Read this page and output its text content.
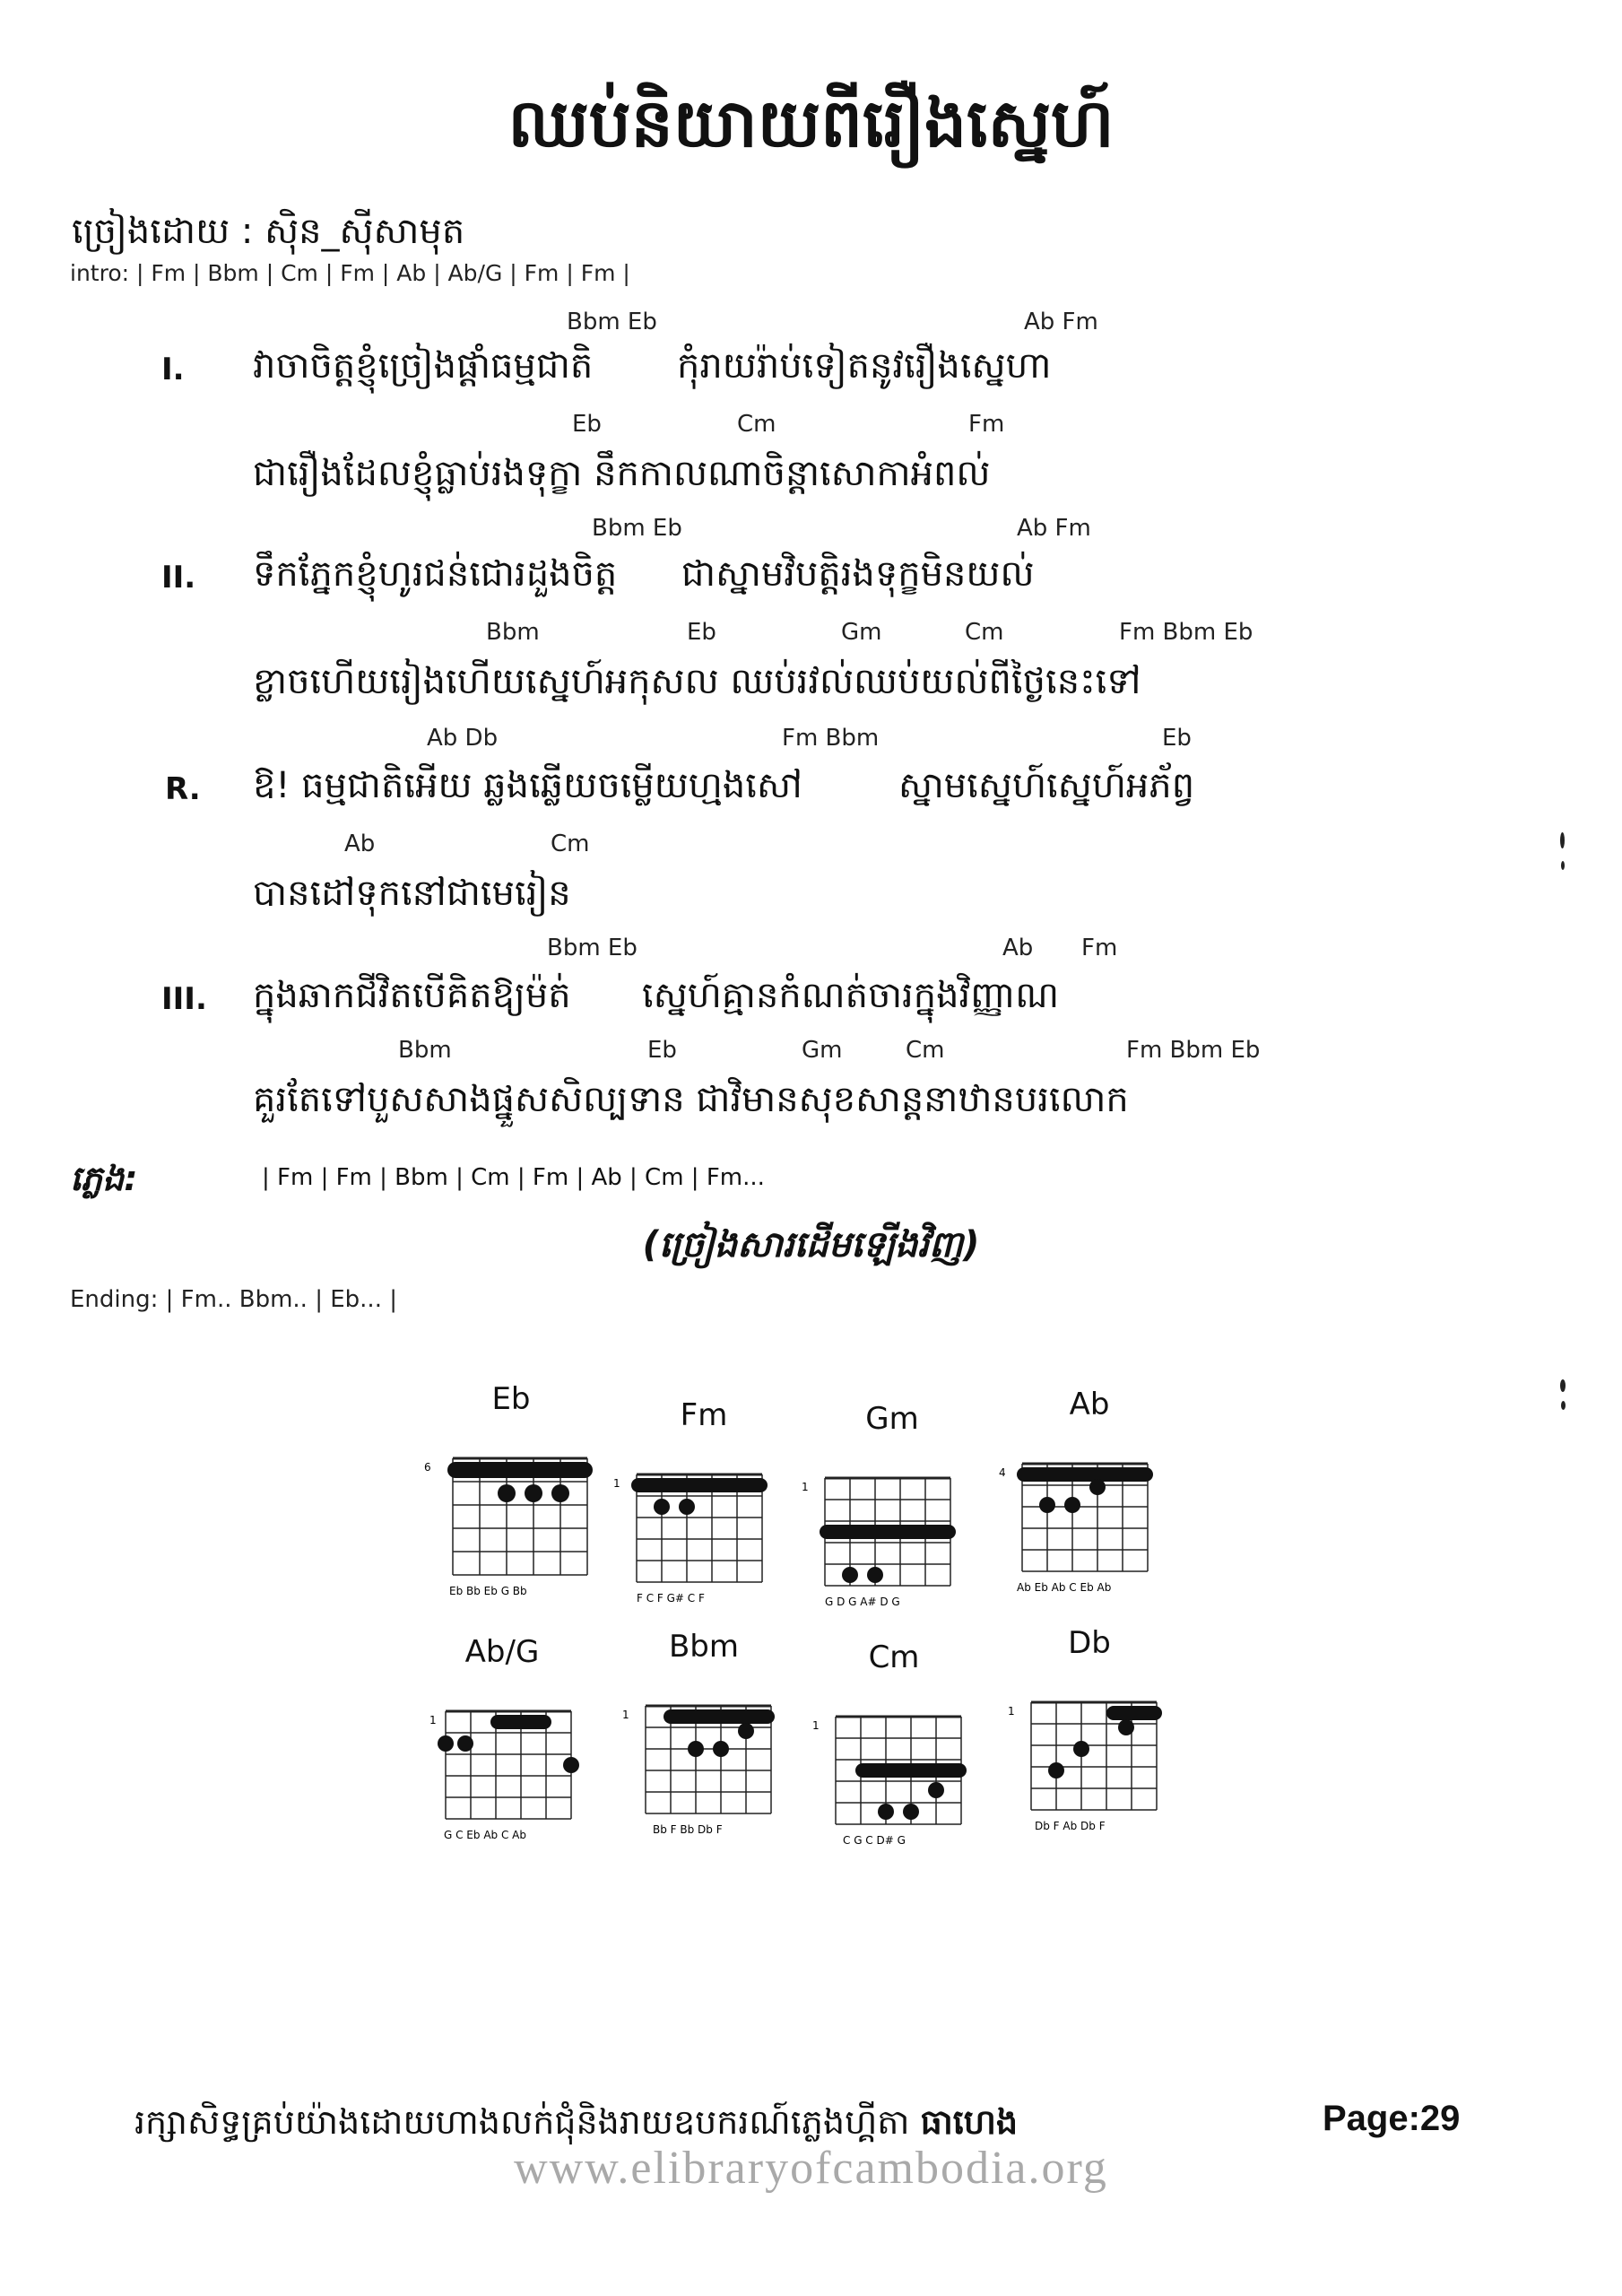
ឈប់និយាយពីរឿងស្នេហ៍
ច្រៀងដោយ : ស៊ិន_ស៊ីសាមុត
intro: | Fm | Bbm | Cm | Fm | Ab | Ab/G | Fm | Fm |
Bbm Eb	Ab Fm
I. វាចាចិត្តខ្ញុំច្រៀងផ្តាំធម្មជាតិ កុំរាយរ៉ាប់ទៀតនូវរឿងស្នេហា
Eb	Cm	Fm
ជារឿងដែលខ្ញុំធ្លាប់រងទុក្ខា នឹកកាលណាចិន្តាសោកាអំពល់
Bbm Eb	Ab Fm
II. ទឹកភ្នែកខ្ញុំហូរជន់ជោរដួងចិត្ត ជាស្នាមវិបត្តិរងទុក្ខមិនយល់
Bbm	Eb	Gm	Cm	Fm Bbm Eb
ខ្លាចហើយរៀងហើយស្នេហ៍អកុសល ឈប់រវល់ឈប់យល់ពីថ្ងៃនេះទៅ
Ab Db	Fm Bbm	Eb
R. ឱ! ធម្មជាតិអើយ ឆ្លងឆ្លើយចម្លើយហ្មងសៅ	ស្នាមស្នេហ៍ស្នេហ៍អភ័ព្វ
Ab	Cm
បានដៅទុកនៅជាមេរៀន
Bbm Eb	Ab Fm
III. ក្នុងឆាកជីវិតបើគិតឱ្យម៉ត់ ស្នេហ៍គ្មានកំណត់ចារក្នុងវិញ្ញាណ
Bbm	Eb	Gm	Cm	Fm Bbm Eb
គួរតែទៅបួសសាងផ្នួសសិល្បទាន ជាវិមានសុខសាន្តនាឋានបរលោក
ភ្លេង:	| Fm | Fm | Bbm | Cm | Fm | Ab | Cm | Fm...
(ច្រៀងសារដើមឡើងវិញ)
Ending: | Fm.. Bbm.. | Eb... |
Eb
6
Eb Bb Eb G Bb
Fm
1
F C F G# C F
Gm
1
G D G A# D G
Ab
4
Ab Eb Ab C Eb Ab
Ab/G
1
G C Eb Ab C Ab
Bbm
1
Bb F Bb Db F
Cm
1
C G C D# G
Db
1
Db F Ab Db F
រក្សាសិទ្ធគ្រប់យ៉ាងដោយហាងលក់ជុំនិងរាយឧបករណ៍ភ្លេងហ្គីតា ធាហេង	Page:29
www.elibraryofcambodia.org
